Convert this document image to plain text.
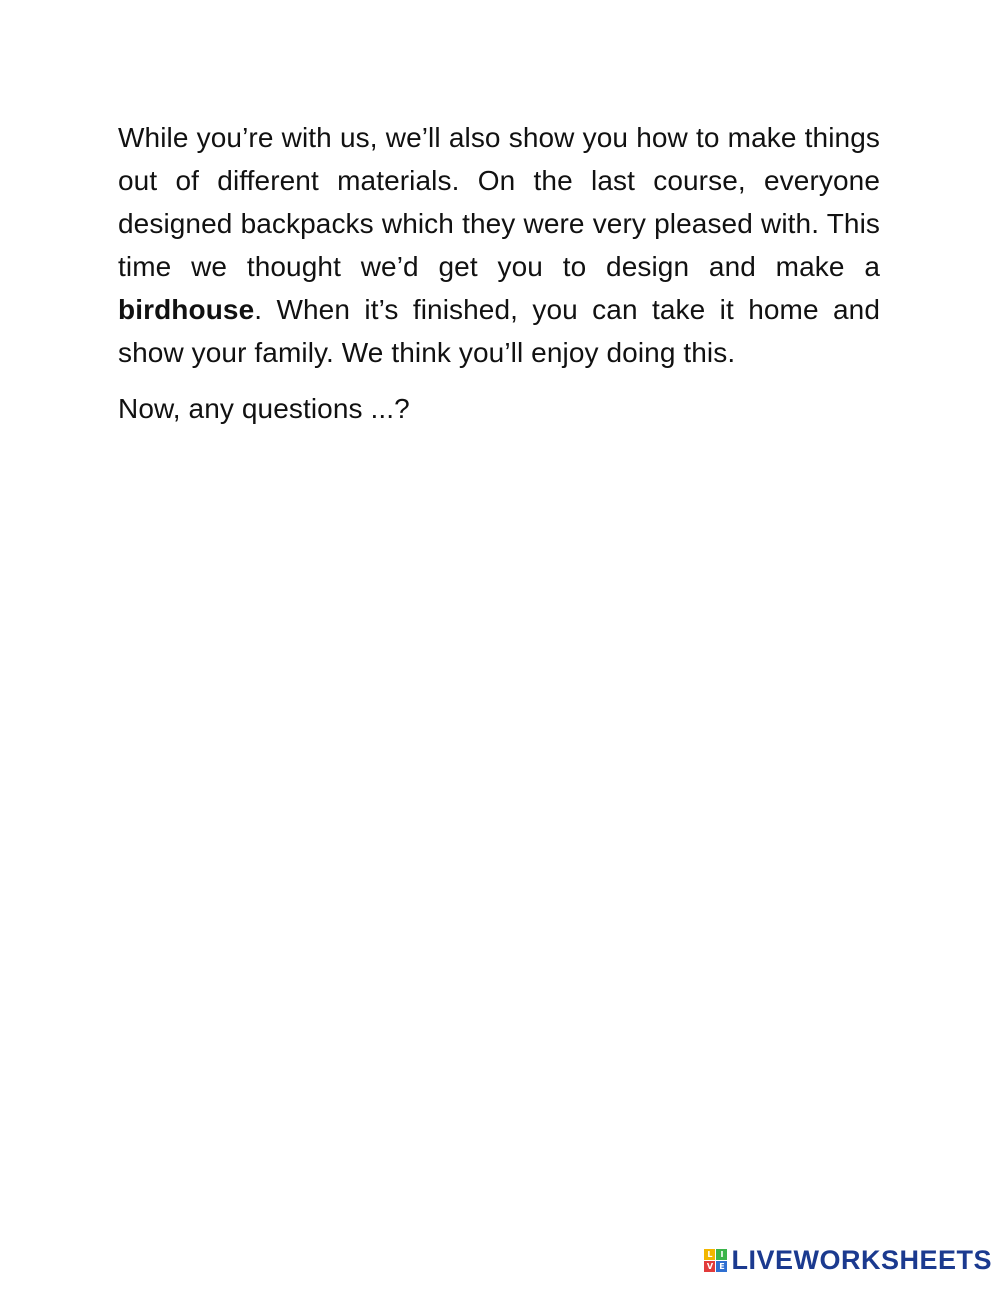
While you’re with us, we’ll also show you how to make things out of different materials. On the last course, everyone designed backpacks which they were very pleased with. This time we thought we’d get you to design and make a birdhouse. When it’s finished, you can take it home and show your family. We think you’ll enjoy doing this.

Now, any questions ...?

L I
V E LIVEWORKSHEETS
